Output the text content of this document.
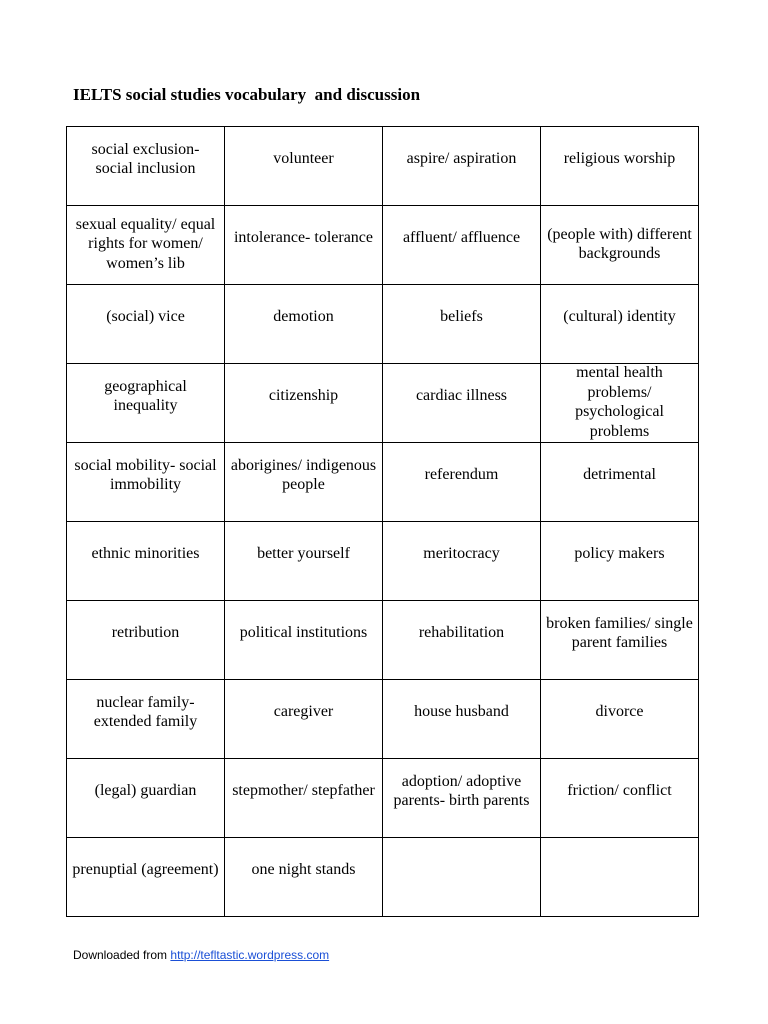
IELTS social studies vocabulary  and discussion
social exclusion- social inclusion	volunteer	aspire/ aspiration	religious worship

sexual equality/ equal rights for women/ women’s lib	intolerance- tolerance	affluent/ affluence	(people with) different backgrounds

(social) vice	demotion	beliefs	(cultural) identity

geographical inequality	citizenship	cardiac illness	mental health problems/ psychological problems

social mobility- social immobility	aborigines/ indigenous people	referendum	detrimental

ethnic minorities	better yourself	meritocracy	policy makers

retribution	political institutions	rehabilitation	broken families/ single parent families

nuclear family- extended family	caregiver	house husband	divorce

(legal) guardian	stepmother/ stepfather	adoption/ adoptive parents- birth parents	friction/ conflict

prenuptial (agreement)	one night stands		

Downloaded from http://tefltastic.wordpress.com
